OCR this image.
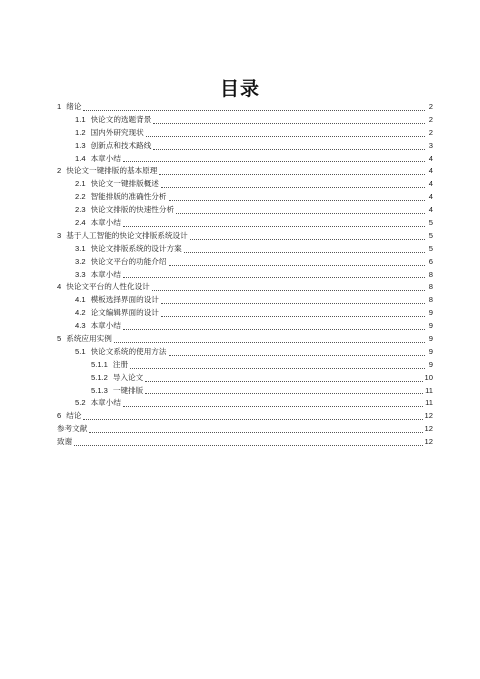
目录
1 绪论	2
1.1 快论文的选题背景	2
1.2 国内外研究现状	2
1.3 创新点和技术路线	3
1.4 本章小结	4
2 快论文一键排版的基本原理	4
2.1 快论文一键排版概述	4
2.2 智能排版的准确性分析	4
2.3 快论文排版的快速性分析	4
2.4 本章小结	5
3 基于人工智能的快论文排版系统设计	5
3.1 快论文排版系统的设计方案	5
3.2 快论文平台的功能介绍	6
3.3 本章小结	8
4 快论文平台的人性化设计	8
4.1 模板选择界面的设计	8
4.2 论文编辑界面的设计	9
4.3 本章小结	9
5 系统应用实例	9
5.1 快论文系统的使用方法	9
5.1.1 注册	9
5.1.2 导入论文	10
5.1.3 一键排版	11
5.2 本章小结	11
6 结论	12
参考文献	12
致谢	12
